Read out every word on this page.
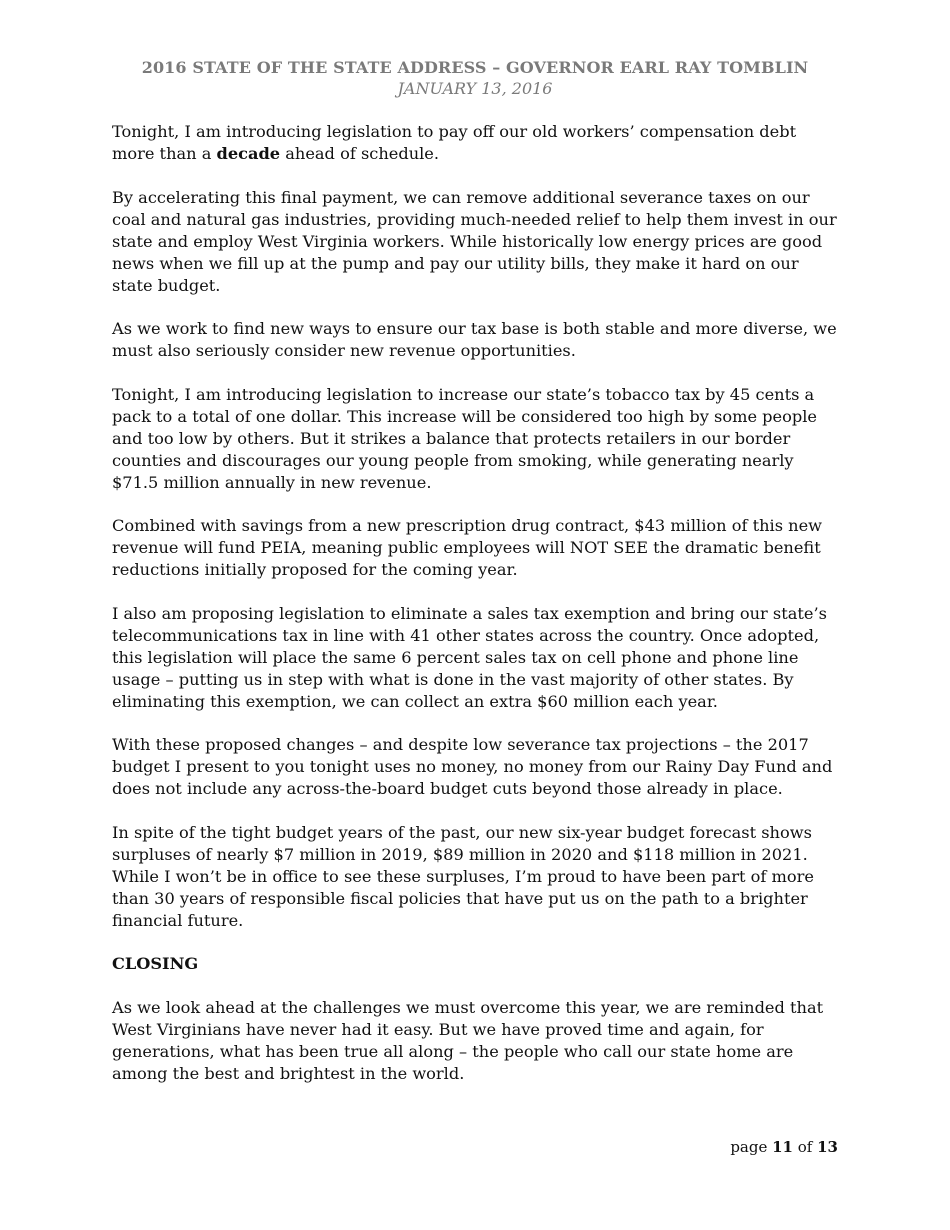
2016 STATE OF THE STATE ADDRESS – GOVERNOR EARL RAY TOMBLIN
JANUARY 13, 2016

Tonight, I am introducing legislation to pay off our old workers’ compensation debt more than a decade ahead of schedule.

By accelerating this final payment, we can remove additional severance taxes on our coal and natural gas industries, providing much-needed relief to help them invest in our state and employ West Virginia workers. While historically low energy prices are good news when we fill up at the pump and pay our utility bills, they make it hard on our state budget.

As we work to find new ways to ensure our tax base is both stable and more diverse, we must also seriously consider new revenue opportunities.

Tonight, I am introducing legislation to increase our state’s tobacco tax by 45 cents a pack to a total of one dollar. This increase will be considered too high by some people and too low by others. But it strikes a balance that protects retailers in our border counties and discourages our young people from smoking, while generating nearly $71.5 million annually in new revenue.

Combined with savings from a new prescription drug contract, $43 million of this new revenue will fund PEIA, meaning public employees will NOT SEE the dramatic benefit reductions initially proposed for the coming year.

I also am proposing legislation to eliminate a sales tax exemption and bring our state’s telecommunications tax in line with 41 other states across the country. Once adopted, this legislation will place the same 6 percent sales tax on cell phone and phone line usage – putting us in step with what is done in the vast majority of other states. By eliminating this exemption, we can collect an extra $60 million each year.

With these proposed changes – and despite low severance tax projections – the 2017 budget I present to you tonight uses no money, no money from our Rainy Day Fund and does not include any across-the-board budget cuts beyond those already in place.

In spite of the tight budget years of the past, our new six-year budget forecast shows surpluses of nearly $7 million in 2019, $89 million in 2020 and $118 million in 2021. While I won’t be in office to see these surpluses, I’m proud to have been part of more than 30 years of responsible fiscal policies that have put us on the path to a brighter financial future.

CLOSING

As we look ahead at the challenges we must overcome this year, we are reminded that West Virginians have never had it easy. But we have proved time and again, for generations, what has been true all along – the people who call our state home are among the best and brightest in the world.

page 11 of 13
